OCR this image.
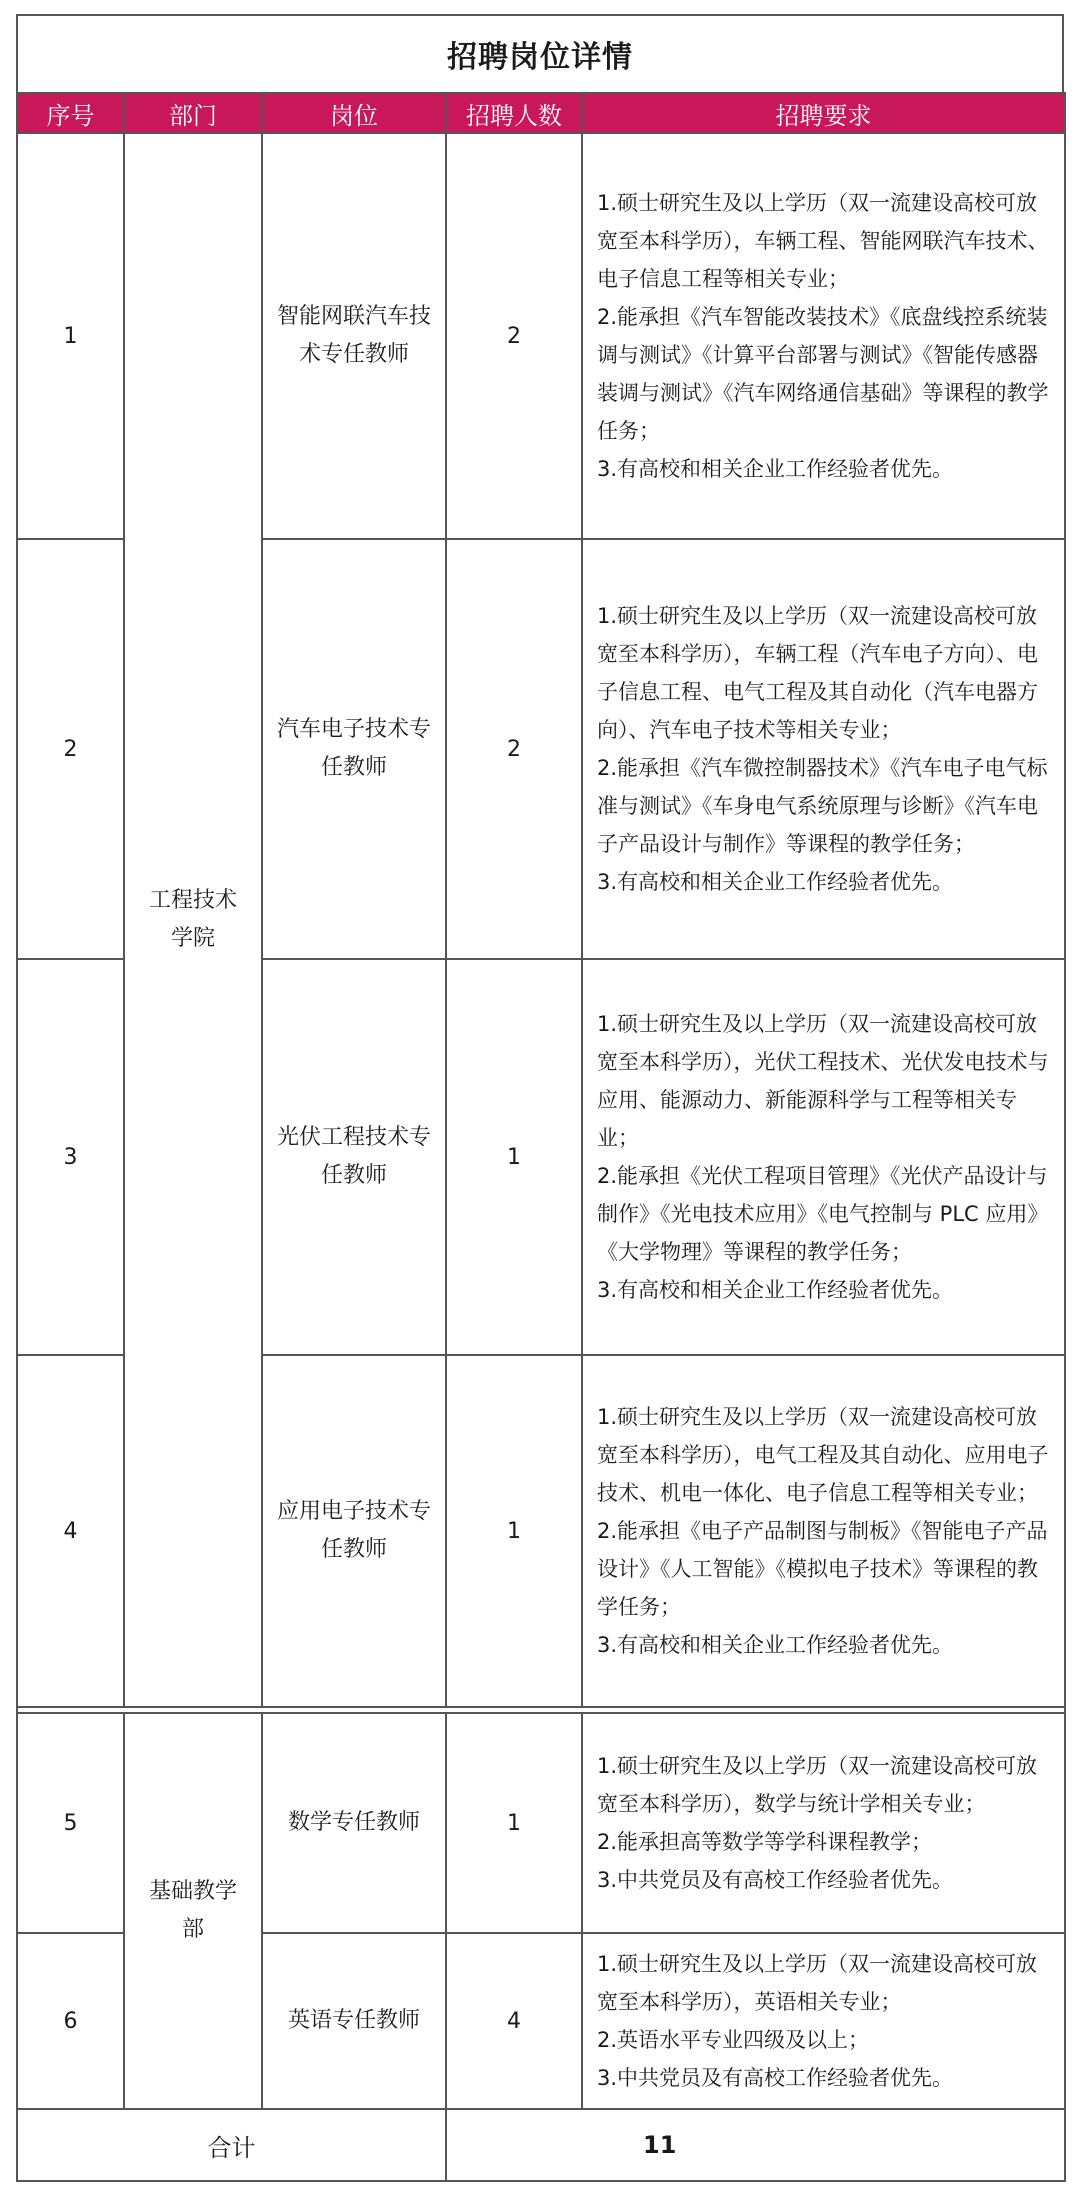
招聘岗位详情
序号	部门	岗位	招聘人数	招聘要求
1	工程技术学院	智能网联汽车技术专任教师	2	1.硕士研究生及以上学历（双一流建设高校可放宽至本科学历），车辆工程、智能网联汽车技术、电子信息工程等相关专业；
2.能承担《汽车智能改装技术》《底盘线控系统装调与测试》《计算平台部署与测试》《智能传感器装调与测试》《汽车网络通信基础》等课程的教学任务；
3.有高校和相关企业工作经验者优先。

2		汽车电子技术专任教师	2	1.硕士研究生及以上学历（双一流建设高校可放宽至本科学历），车辆工程（汽车电子方向）、电子信息工程、电气工程及其自动化（汽车电器方向）、汽车电子技术等相关专业；
2.能承担《汽车微控制器技术》《汽车电子电气标准与测试》《车身电气系统原理与诊断》《汽车电子产品设计与制作》等课程的教学任务；
3.有高校和相关企业工作经验者优先。

3		光伏工程技术专任教师	1	1.硕士研究生及以上学历（双一流建设高校可放宽至本科学历），光伏工程技术、光伏发电技术与应用、能源动力、新能源科学与工程等相关专业；
2.能承担《光伏工程项目管理》《光伏产品设计与制作》《光电技术应用》《电气控制与 PLC 应用》《大学物理》等课程的教学任务；
3.有高校和相关企业工作经验者优先。

4		应用电子技术专任教师	1	1.硕士研究生及以上学历（双一流建设高校可放宽至本科学历），电气工程及其自动化、应用电子技术、机电一体化、电子信息工程等相关专业；
2.能承担《电子产品制图与制板》《智能电子产品设计》《人工智能》《模拟电子技术》等课程的教学任务；
3.有高校和相关企业工作经验者优先。

5	基础教学部	数学专任教师	1	1.硕士研究生及以上学历（双一流建设高校可放宽至本科学历），数学与统计学相关专业；
2.能承担高等数学等学科课程教学；
3.中共党员及有高校工作经验者优先。

6		英语专任教师	4	1.硕士研究生及以上学历（双一流建设高校可放宽至本科学历），英语相关专业；
2.英语水平专业四级及以上；
3.中共党员及有高校工作经验者优先。

合计			11	
